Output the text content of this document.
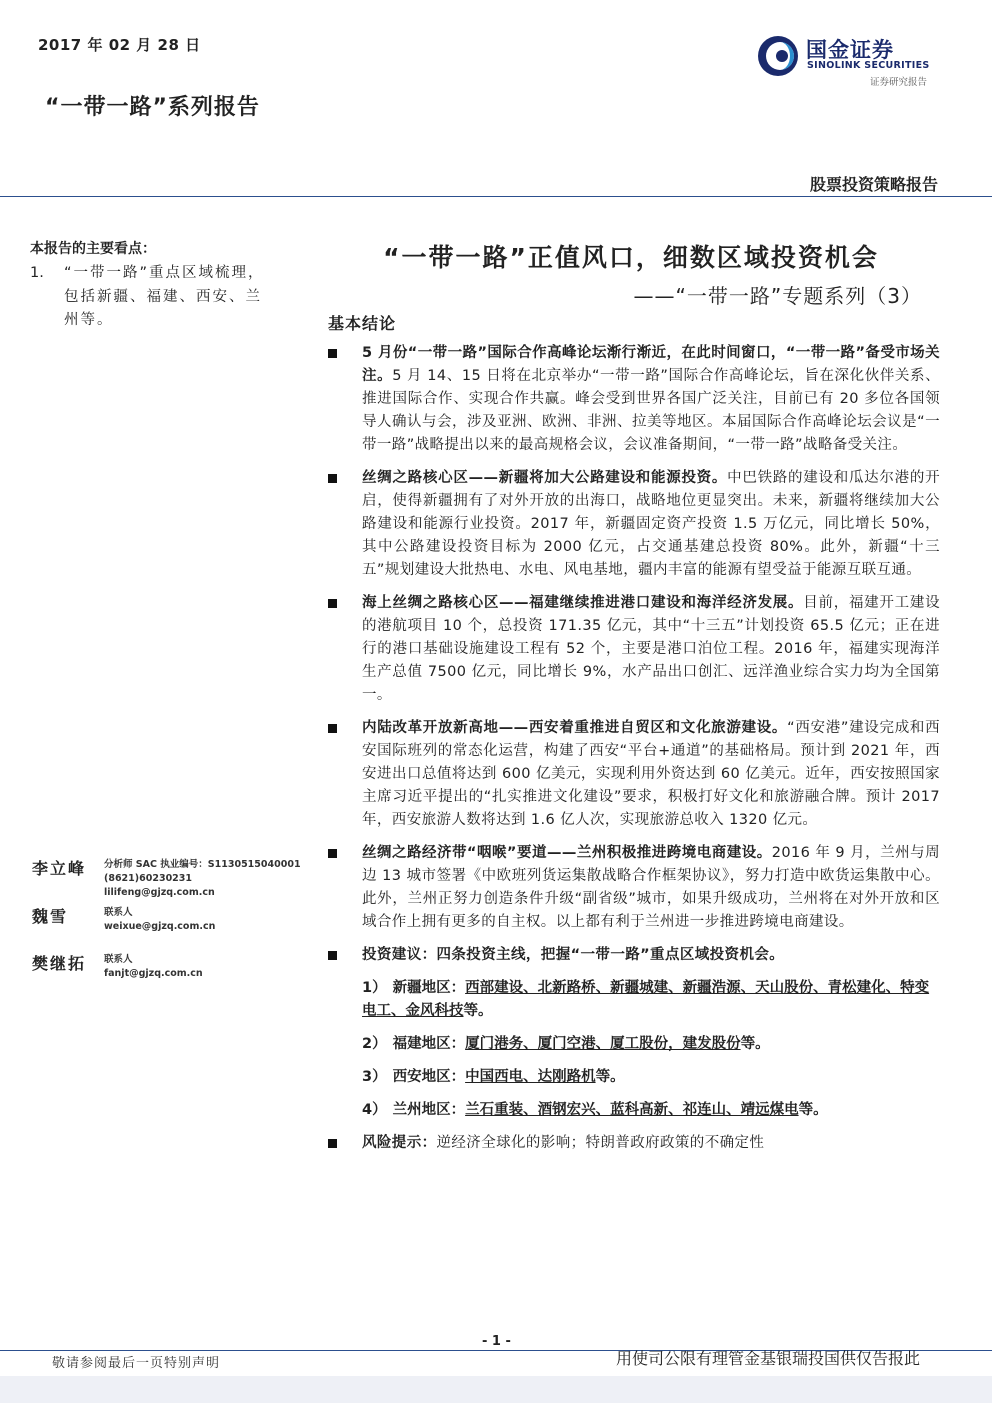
2017 年 02 月 28 日
“一带一路”系列报告
国金证券
SINOLINK SECURITIES
证券研究报告
股票投资策略报告
本报告的主要看点：
1.	“一带一路”重点区域梳理，包括新疆、福建、西安、兰州等。
李立峰 分析师 SAC 执业编号：S1130515040001
(8621)60230231
lilifeng@gjzq.com.cn
魏雪	联系人
weixue@gjzq.com.cn
樊继拓 联系人
fanjt@gjzq.com.cn
“一带一路”正值风口，细数区域投资机会
——“一带一路”专题系列（3）
基本结论
5 月份“一带一路”国际合作高峰论坛渐行渐近，在此时间窗口，“一带一路”备受市场关注。5 月 14、15 日将在北京举办“一带一路”国际合作高峰论坛，旨在深化伙伴关系、推进国际合作、实现合作共赢。峰会受到世界各国广泛关注，目前已有 20 多位各国领导人确认与会，涉及亚洲、欧洲、非洲、拉美等地区。本届国际合作高峰论坛会议是“一带一路”战略提出以来的最高规格会议，会议准备期间，“一带一路”战略备受关注。
丝绸之路核心区——新疆将加大公路建设和能源投资。中巴铁路的建设和瓜达尔港的开启，使得新疆拥有了对外开放的出海口，战略地位更显突出。未来，新疆将继续加大公路建设和能源行业投资。2017 年，新疆固定资产投资 1.5 万亿元，同比增长 50%，其中公路建设投资目标为 2000 亿元，占交通基建总投资 80%。此外，新疆“十三五”规划建设大批热电、水电、风电基地，疆内丰富的能源有望受益于能源互联互通。
海上丝绸之路核心区——福建继续推进港口建设和海洋经济发展。目前，福建开工建设的港航项目 10 个，总投资 171.35 亿元，其中“十三五”计划投资 65.5 亿元；正在进行的港口基础设施建设工程有 52 个，主要是港口泊位工程。2016 年，福建实现海洋生产总值 7500 亿元，同比增长 9%，水产品出口创汇、远洋渔业综合实力均为全国第一。
内陆改革开放新高地——西安着重推进自贸区和文化旅游建设。“西安港”建设完成和西安国际班列的常态化运营，构建了西安“平台+通道”的基础格局。预计到 2021 年，西安进出口总值将达到 600 亿美元，实现利用外资达到 60 亿美元。近年，西安按照国家主席习近平提出的“扎实推进文化建设”要求，积极打好文化和旅游融合牌。预计 2017 年，西安旅游人数将达到 1.6 亿人次，实现旅游总收入 1320 亿元。
丝绸之路经济带“咽喉”要道——兰州积极推进跨境电商建设。2016 年 9 月，兰州与周边 13 城市签署《中欧班列货运集散战略合作框架协议》，努力打造中欧货运集散中心。此外，兰州正努力创造条件升级“副省级”城市，如果升级成功，兰州将在对外开放和区域合作上拥有更多的自主权。以上都有利于兰州进一步推进跨境电商建设。
投资建议：四条投资主线，把握“一带一路”重点区域投资机会。
1） 新疆地区：西部建设、北新路桥、新疆城建、新疆浩源、天山股份、青松建化、特变电工、金风科技等。
2） 福建地区：厦门港务、厦门空港、厦工股份，建发股份等。
3） 西安地区：中国西电、达刚路机等。
4） 兰州地区：兰石重装、酒钢宏兴、蓝科高新、祁连山、靖远煤电等。
风险提示：逆经济全球化的影响；特朗普政府政策的不确定性
- 1 -
敬请参阅最后一页特别声明	用使司公限有理管金基银瑞投国供仅告报此
